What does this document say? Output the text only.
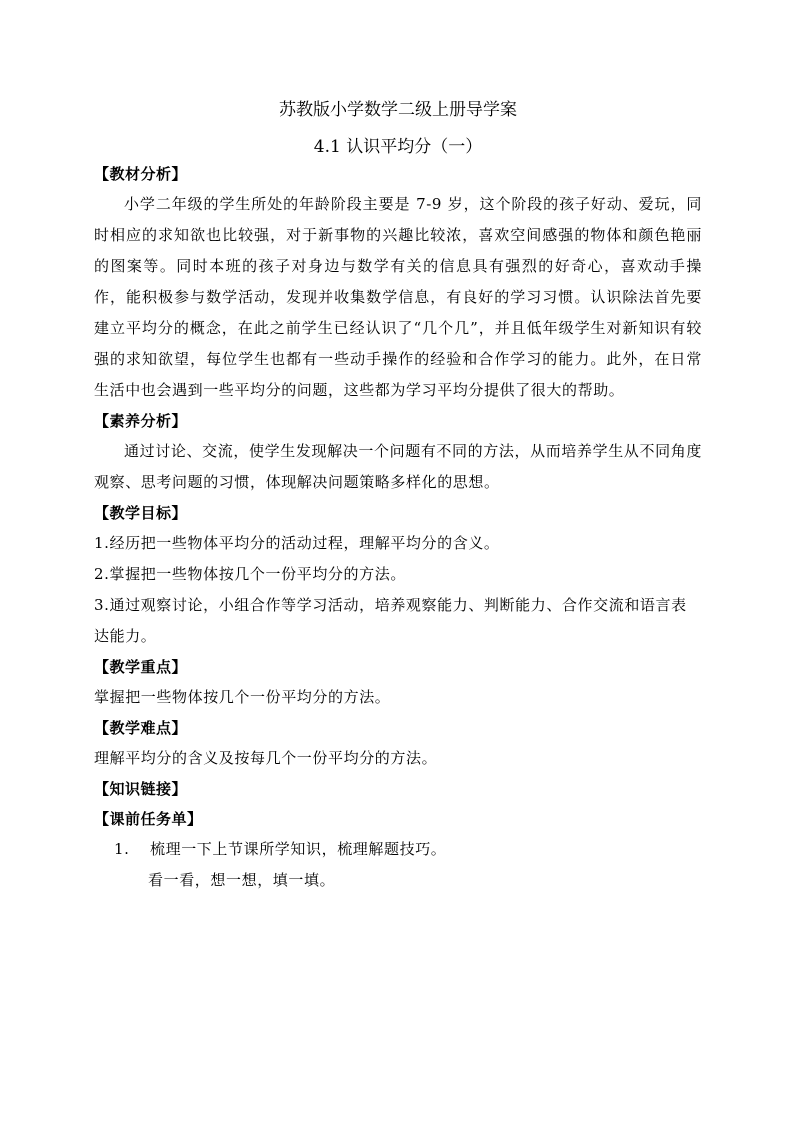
苏教版小学数学二级上册导学案

4.1 认识平均分（一）

【教材分析】

小学二年级的学生所处的年龄阶段主要是 7-9 岁，这个阶段的孩子好动、爱玩，同时相应的求知欲也比较强，对于新事物的兴趣比较浓，喜欢空间感强的物体和颜色艳丽的图案等。同时本班的孩子对身边与数学有关的信息具有强烈的好奇心，喜欢动手操作，能积极参与数学活动，发现并收集数学信息，有良好的学习习惯。认识除法首先要建立平均分的概念，在此之前学生已经认识了“几个几”，并且低年级学生对新知识有较强的求知欲望，每位学生也都有一些动手操作的经验和合作学习的能力。此外，在日常生活中也会遇到一些平均分的问题，这些都为学习平均分提供了很大的帮助。

【素养分析】

通过讨论、交流，使学生发现解决一个问题有不同的方法，从而培养学生从不同角度观察、思考问题的习惯，体现解决问题策略多样化的思想。

【教学目标】

1.经历把一些物体平均分的活动过程，理解平均分的含义。

2.掌握把一些物体按几个一份平均分的方法。

3.通过观察讨论，小组合作等学习活动，培养观察能力、判断能力、合作交流和语言表达能力。

【教学重点】

掌握把一些物体按几个一份平均分的方法。

【教学难点】

理解平均分的含义及按每几个一份平均分的方法。

【知识链接】

【课前任务单】

1. 梳理一下上节课所学知识，梳理解题技巧。

看一看，想一想，填一填。
